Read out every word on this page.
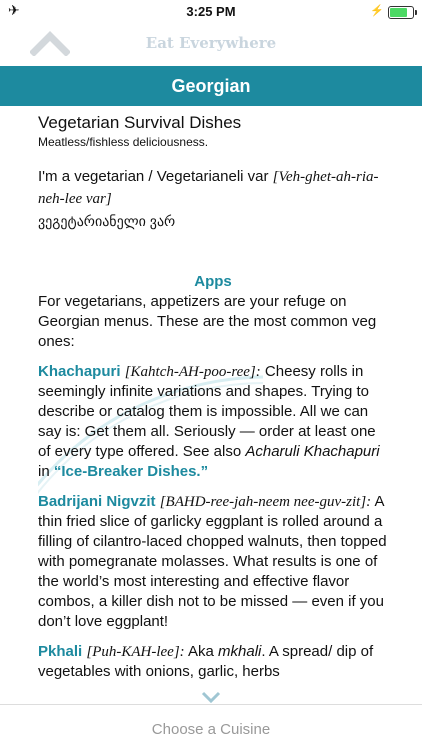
✈	3:25 PM	⚡
Eat Everywhere
Georgian

Vegetarian Survival Dishes

Meatless/fishless deliciousness.

I'm a vegetarian / Vegetarianeli var [Veh-ghet-ah-ria-neh-lee var]

ვეგეტარიანელი ვარ

Apps

For vegetarians, appetizers are your refuge on Georgian menus. These are the most common veg ones:

Khachapuri [Kahtch-AH-poo-ree]: Cheesy rolls in seemingly infinite variations and shapes. Trying to describe or catalog them is impossible. All we can say is: Get them all. Seriously — order at least one of every type offered. See also Acharuli Khachapuri in “Ice-Breaker Dishes.”

Badrijani Nigvzit [BAHD-ree-jah-neem nee-guv-zit]: A thin fried slice of garlicky eggplant is rolled around a filling of cilantro-laced chopped walnuts, then topped with pomegranate molasses. What results is one of the world’s most interesting and effective flavor combos, a killer dish not to be missed — even if you don’t love eggplant!

Pkhali [Puh-KAH-lee]: Aka mkhali. A spread/ dip of vegetables with onions, garlic, herbs

Choose a Cuisine
